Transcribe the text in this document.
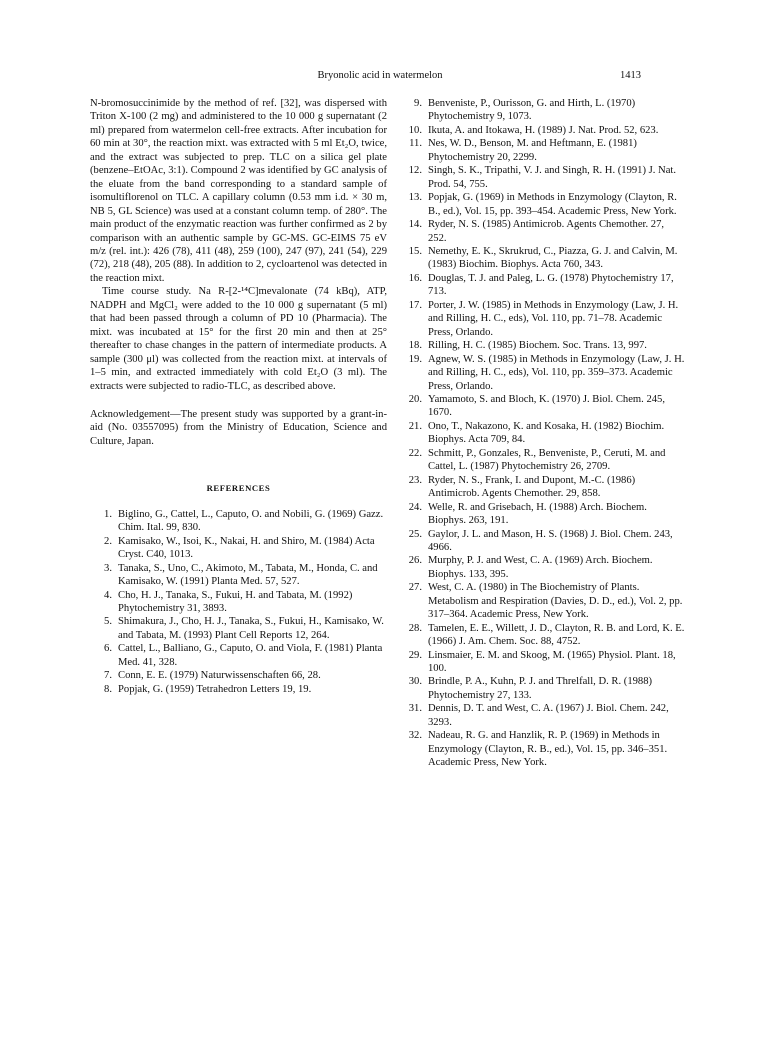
Bryonolic acid in watermelon	1413

N-bromosuccinimide by the method of ref. [32], was dispersed with Triton X-100 (2 mg) and administered to the 10 000 g supernatant (2 ml) prepared from watermelon cell-free extracts. After incubation for 60 min at 30°, the reaction mixt. was extracted with 5 ml Et₂O, twice, and the extract was subjected to prep. TLC on a silica gel plate (benzene–EtOAc, 3:1). Compound 2 was identified by GC analysis of the eluate from the band corresponding to a standard sample of isomultiflorenol on TLC. A capillary column (0.53 mm i.d. × 30 m, NB 5, GL Science) was used at a constant column temp. of 280°. The main product of the enzymatic reaction was further confirmed as 2 by comparison with an authentic sample by GC-MS. GC-EIMS 75 eV m/z (rel. int.): 426 (78), 411 (48), 259 (100), 247 (97), 241 (54), 229 (72), 218 (48), 205 (88). In addition to 2, cycloartenol was detected in the reaction mixt.

Time course study. Na R-[2-¹⁴C]mevalonate (74 kBq), ATP, NADPH and MgCl₂ were added to the 10 000 g supernatant (5 ml) that had been passed through a column of PD 10 (Pharmacia). The mixt. was incubated at 15° for the first 20 min and then at 25° thereafter to chase changes in the pattern of intermediate products. A sample (300 μl) was collected from the reaction mixt. at intervals of 1–5 min, and extracted immediately with cold Et₂O (3 ml). The extracts were subjected to radio-TLC, as described above.

Acknowledgement—The present study was supported by a grant-in-aid (No. 03557095) from the Ministry of Education, Science and Culture, Japan.

REFERENCES

1. Biglino, G., Cattel, L., Caputo, O. and Nobili, G. (1969) Gazz. Chim. Ital. 99, 830.

2. Kamisako, W., Isoi, K., Nakai, H. and Shiro, M. (1984) Acta Cryst. C40, 1013.

3. Tanaka, S., Uno, C., Akimoto, M., Tabata, M., Honda, C. and Kamisako, W. (1991) Planta Med. 57, 527.

4. Cho, H. J., Tanaka, S., Fukui, H. and Tabata, M. (1992) Phytochemistry 31, 3893.

5. Shimakura, J., Cho, H. J., Tanaka, S., Fukui, H., Kamisako, W. and Tabata, M. (1993) Plant Cell Reports 12, 264.

6. Cattel, L., Balliano, G., Caputo, O. and Viola, F. (1981) Planta Med. 41, 328.

7. Conn, E. E. (1979) Naturwissenschaften 66, 28.

8. Popjak, G. (1959) Tetrahedron Letters 19, 19.

9. Benveniste, P., Ourisson, G. and Hirth, L. (1970) Phytochemistry 9, 1073.

10. Ikuta, A. and Itokawa, H. (1989) J. Nat. Prod. 52, 623.

11. Nes, W. D., Benson, M. and Heftmann, E. (1981) Phytochemistry 20, 2299.

12. Singh, S. K., Tripathi, V. J. and Singh, R. H. (1991) J. Nat. Prod. 54, 755.

13. Popjak, G. (1969) in Methods in Enzymology (Clayton, R. B., ed.), Vol. 15, pp. 393–454. Academic Press, New York.

14. Ryder, N. S. (1985) Antimicrob. Agents Chemother. 27, 252.

15. Nemethy, E. K., Skrukrud, C., Piazza, G. J. and Calvin, M. (1983) Biochim. Biophys. Acta 760, 343.

16. Douglas, T. J. and Paleg, L. G. (1978) Phytochemistry 17, 713.

17. Porter, J. W. (1985) in Methods in Enzymology (Law, J. H. and Rilling, H. C., eds), Vol. 110, pp. 71–78. Academic Press, Orlando.

18. Rilling, H. C. (1985) Biochem. Soc. Trans. 13, 997.

19. Agnew, W. S. (1985) in Methods in Enzymology (Law, J. H. and Rilling, H. C., eds), Vol. 110, pp. 359–373. Academic Press, Orlando.

20. Yamamoto, S. and Bloch, K. (1970) J. Biol. Chem. 245, 1670.

21. Ono, T., Nakazono, K. and Kosaka, H. (1982) Biochim. Biophys. Acta 709, 84.

22. Schmitt, P., Gonzales, R., Benveniste, P., Ceruti, M. and Cattel, L. (1987) Phytochemistry 26, 2709.

23. Ryder, N. S., Frank, I. and Dupont, M.-C. (1986) Antimicrob. Agents Chemother. 29, 858.

24. Welle, R. and Grisebach, H. (1988) Arch. Biochem. Biophys. 263, 191.

25. Gaylor, J. L. and Mason, H. S. (1968) J. Biol. Chem. 243, 4966.

26. Murphy, P. J. and West, C. A. (1969) Arch. Biochem. Biophys. 133, 395.

27. West, C. A. (1980) in The Biochemistry of Plants. Metabolism and Respiration (Davies, D. D., ed.), Vol. 2, pp. 317–364. Academic Press, New York.

28. Tamelen, E. E., Willett, J. D., Clayton, R. B. and Lord, K. E. (1966) J. Am. Chem. Soc. 88, 4752.

29. Linsmaier, E. M. and Skoog, M. (1965) Physiol. Plant. 18, 100.

30. Brindle, P. A., Kuhn, P. J. and Threlfall, D. R. (1988) Phytochemistry 27, 133.

31. Dennis, D. T. and West, C. A. (1967) J. Biol. Chem. 242, 3293.

32. Nadeau, R. G. and Hanzlik, R. P. (1969) in Methods in Enzymology (Clayton, R. B., ed.), Vol. 15, pp. 346–351. Academic Press, New York.
